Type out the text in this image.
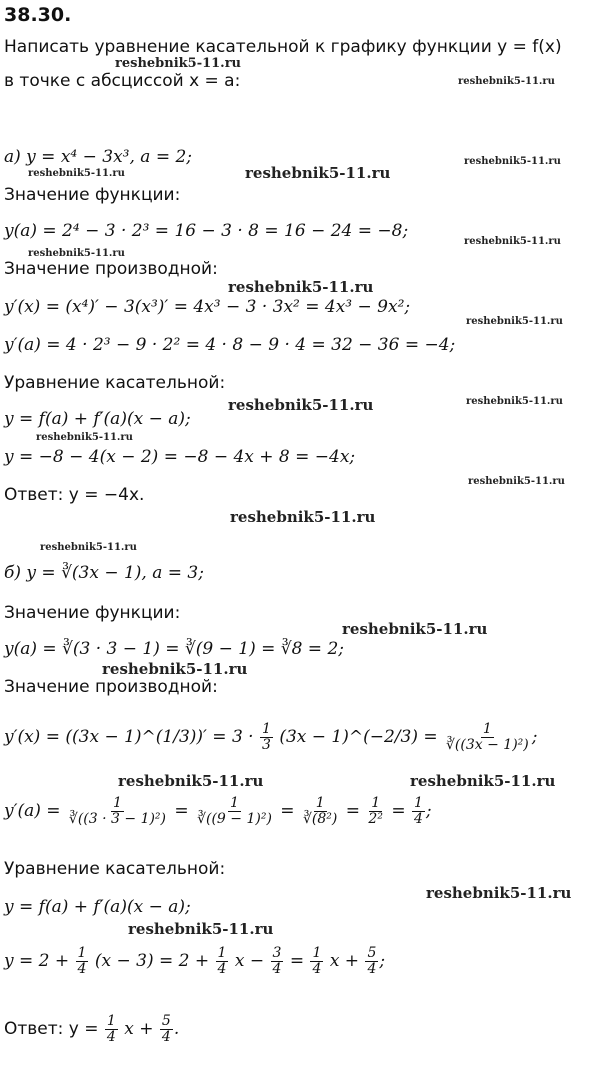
38.30.
Написать уравнение касательной к графику функции y = f(x)
в точке с абсциссой x = a:
а) y = x⁴ − 3x³, a = 2;
Значение функции:
y(a) = 2⁴ − 3 · 2³ = 16 − 3 · 8 = 16 − 24 = −8;
Значение производной:
y′(x) = (x⁴)′ − 3(x³)′ = 4x³ − 3 · 3x² = 4x³ − 9x²;
y′(a) = 4 · 2³ − 9 · 2² = 4 · 8 − 9 · 4 = 32 − 36 = −4;
Уравнение касательной:
y = f(a) + f′(a)(x − a);
y = −8 − 4(x − 2) = −8 − 4x + 8 = −4x;
Ответ: y = −4x.
б) y = ∛(3x − 1), a = 3;
Значение функции:
y(a) = ∛(3 · 3 − 1) = ∛(9 − 1) = ∛8 = 2;
Значение производной:
y′(x) = ((3x − 1)^(1/3))′ = $3 \cdot \frac{1}{3} (3x$ − 1)^(−2/3) = $\frac{1}{\text{∛((3x − 1)²)}}$ ;
$y'(a) = \frac{1}{\text{∛((3 · 3 − 1)²)}} = \frac{1}{\text{∛((9 − 1)²)}} = \frac{1}{\text{∛(8²)}} = \frac{1}{\text{2²}} = \frac{1}{4}$ ;
Уравнение касательной:
y = f(a) + f′(a)(x − a);
$y = 2 + \frac{1}{4} (x - 3) = 2 + \frac{1}{4}$ $x - \frac{3}{4} = \frac{1}{4}$ $x + \frac{5}{4}$ ;
Ответ: $y = \frac{1}{4}$ $x + \frac{5}{4}$ .
reshebnik5-11.ru
reshebnik5-11.ru
reshebnik5-11.ru	reshebnik5-11.ru
reshebnik5-11.ru
reshebnik5-11.ru
reshebnik5-11.ru
reshebnik5-11.ru
reshebnik5-11.ru
reshebnik5-11.ru	reshebnik5-11.ru
reshebnik5-11.ru
reshebnik5-11.ru
reshebnik5-11.ru
reshebnik5-11.ru
reshebnik5-11.ru
reshebnik5-11.ru
reshebnik5-11.ru	reshebnik5-11.ru
reshebnik5-11.ru
reshebnik5-11.ru
